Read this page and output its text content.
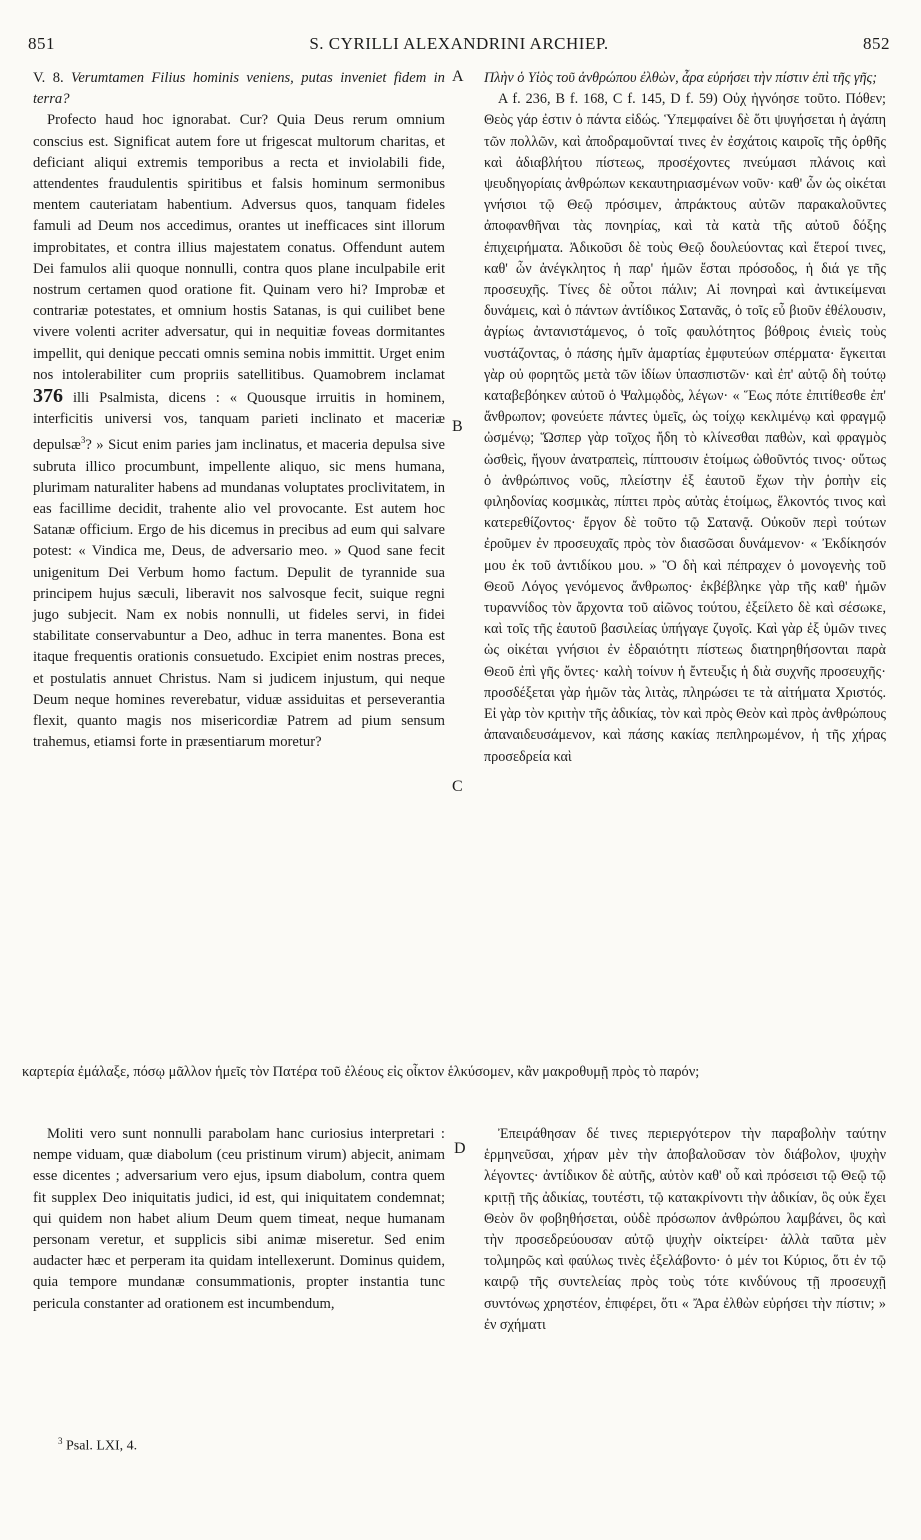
851	S. CYRILLI ALEXANDRINI ARCHIEP.	852
A
B
C
D

V. 8. Verumtamen Filius hominis veniens, putas inveniet fidem in terra?

Profecto haud hoc ignorabat. Cur? Quia Deus rerum omnium conscius est. Significat autem fore ut frigescat multorum charitas, et deficiant aliqui extremis temporibus a recta et inviolabili fide, attendentes fraudulentis spiritibus et falsis hominum sermonibus mentem cauteriatam habentium. Adversus quos, tanquam fideles famuli ad Deum nos accedimus, orantes ut inefficaces sint illorum improbitates, et contra illius majestatem conatus. Offendunt autem Dei famulos alii quoque nonnulli, contra quos plane inculpabile erit nostrum certamen quod oratione fit. Quinam vero hi? Improbæ et contrariæ potestates, et omnium hostis Satanas, is qui cuilibet bene vivere volenti acriter adversatur, qui in nequitiæ foveas dormitantes impellit, qui denique peccati omnis semina nobis immittit. Urget enim nos intolerabiliter cum propriis satellitibus. Quamobrem inclamat 376 illi Psalmista, dicens : « Quousque irruitis in hominem, interficitis universi vos, tanquam parieti inclinato et maceriæ depulsæ$^3$? » Sicut enim paries jam inclinatus, et maceria depulsa sive subruta illico procumbunt, impellente aliquo, sic mens humana, plurimam naturaliter habens ad mundanas voluptates proclivitatem, in eas facillime decidit, trahente alio vel provocante. Est autem hoc Satanæ officium. Ergo de his dicemus in precibus ad eum qui salvare potest: « Vindica me, Deus, de adversario meo. » Quod sane fecit unigenitum Dei Verbum homo factum. Depulit de tyrannide sua principem hujus sæculi, liberavit nos salvosque fecit, suique regni jugo subjecit. Nam ex nobis nonnulli, ut fideles servi, in fidei stabilitate conservabuntur a Deo, adhuc in terra manentes. Bona est itaque frequentis orationis consuetudo. Excipiet enim nostras preces, et postulatis annuet Christus. Nam si judicem injustum, qui neque Deum neque homines reverebatur, viduæ assiduitas et perseverantia flexit, quanto magis nos misericordiæ Patrem ad pium sensum trahemus, etiamsi forte in præsentiarum moretur?

Πλὴν ὁ Υἱὸς τοῦ ἀνθρώπου ἐλθὼν, ἆρα εὑρήσει τὴν πίστιν ἐπὶ τῆς γῆς;

A f. 236, B f. 168, C f. 145, D f. 59) Οὐχ ἠγνόησε τοῦτο. Πόθεν; Θεὸς γάρ ἐστιν ὁ πάντα εἰδώς. Ὑπεμφαίνει δὲ ὅτι ψυγήσεται ἡ ἀγάπη τῶν πολλῶν, καὶ ἀποδραμοῦνταί τινες ἐν ἐσχάτοις καιροῖς τῆς ὀρθῆς καὶ ἀδιαβλήτου πίστεως, προσέχοντες πνεύμασι πλάνοις καὶ ψευδηγορίαις ἀνθρώπων κεκαυτηριασμένων νοῦν· καθ' ὧν ὡς οἰκέται γνήσιοι τῷ Θεῷ πρόσιμεν, ἀπράκτους αὐτῶν παρακαλοῦντες ἀποφανθῆναι τὰς πονηρίας, καὶ τὰ κατὰ τῆς αὐτοῦ δόξης ἐπιχειρήματα. Ἀδικοῦσι δὲ τοὺς Θεῷ δουλεύοντας καὶ ἕτεροί τινες, καθ' ὧν ἀνέγκλητος ἡ παρ' ἡμῶν ἔσται πρόσοδος, ἡ διά γε τῆς προσευχῆς. Τίνες δὲ οὗτοι πάλιν; Αἱ πονηραὶ καὶ ἀντικείμεναι δυνάμεις, καὶ ὁ πάντων ἀντίδικος Σατανᾶς, ὁ τοῖς εὖ βιοῦν ἐθέλουσιν, ἀγρίως ἀντανιστάμενος, ὁ τοῖς φαυλότητος βόθροις ἐνιεὶς τοὺς νυστάζοντας, ὁ πάσης ἡμῖν ἁμαρτίας ἐμφυτεύων σπέρματα· ἔγκειται γὰρ οὐ φορητῶς μετὰ τῶν ἰδίων ὑπασπιστῶν· καὶ ἐπ' αὐτῷ δὴ τούτῳ καταβεβόηκεν αὐτοῦ ὁ Ψαλμῳδὸς, λέγων· « Ἕως πότε ἐπιτίθεσθε ἐπ' ἄνθρωπον; φονεύετε πάντες ὑμεῖς, ὡς τοίχῳ κεκλιμένῳ καὶ φραγμῷ ὠσμένῳ; Ὥσπερ γὰρ τοῖχος ἤδη τὸ κλίνεσθαι παθὼν, καὶ φραγμὸς ὠσθεὶς, ἤγουν ἀνατραπεὶς, πίπτουσιν ἑτοίμως ὠθοῦντός τινος· οὕτως ὁ ἀνθρώπινος νοῦς, πλείστην ἐξ ἑαυτοῦ ἔχων τὴν ῥοπὴν εἰς φιληδονίας κοσμικὰς, πίπτει πρὸς αὐτὰς ἑτοίμως, ἕλκοντός τινος καὶ κατερεθίζοντος· ἔργον δὲ τοῦτο τῷ Σατανᾷ. Οὐκοῦν περὶ τούτων ἐροῦμεν ἐν προσευχαῖς πρὸς τὸν διασῶσαι δυνάμενον· « Ἐκδίκησόν μου ἐκ τοῦ ἀντιδίκου μου. » Ὃ δὴ καὶ πέπραχεν ὁ μονογενὴς τοῦ Θεοῦ Λόγος γενόμενος ἄνθρωπος· ἐκβέβληκε γὰρ τῆς καθ' ἡμῶν τυραννίδος τὸν ἄρχοντα τοῦ αἰῶνος τούτου, ἐξείλετο δὲ καὶ σέσωκε, καὶ τοῖς τῆς ἑαυτοῦ βασιλείας ὑπήγαγε ζυγοῖς. Καὶ γὰρ ἐξ ὑμῶν τινες ὡς οἰκέται γνήσιοι ἐν ἑδραιότητι πίστεως διατηρηθήσονται παρὰ Θεοῦ ἐπὶ γῆς ὄντες· καλὴ τοίνυν ἡ ἔντευξις ἡ διὰ συχνῆς προσευχῆς· προσδέξεται γὰρ ἡμῶν τὰς λιτὰς, πληρώσει τε τὰ αἰτήματα Χριστός. Εἰ γὰρ τὸν κριτὴν τῆς ἀδικίας, τὸν καὶ πρὸς Θεὸν καὶ πρὸς ἀνθρώπους ἀπαναιδευσάμενον, καὶ πάσης κακίας πεπληρωμένον, ἡ τῆς χήρας προσεδρεία καὶ

καρτερία ἐμάλαξε, πόσῳ μᾶλλον ἡμεῖς τὸν Πατέρα τοῦ ἐλέους εἰς οἶκτον ἑλκύσομεν, κἂν μακροθυμῇ πρὸς τὸ παρόν;
Moliti vero sunt nonnulli parabolam hanc curiosius interpretari : nempe viduam, quæ diabolum (ceu pristinum virum) abjecit, animam esse dicentes ; adversarium vero ejus, ipsum diabolum, contra quem fit supplex Deo iniquitatis judici, id est, qui iniquitatem condemnat; qui quidem non habet alium Deum quem timeat, neque humanam personam veretur, et supplicis sibi animæ miseretur. Sed enim audacter hæc et perperam ita quidam intellexerunt. Dominus quidem, quia tempore mundanæ consummationis, propter instantia tunc pericula constanter ad orationem est incumbendum,
Ἐπειράθησαν δέ τινες περιεργότερον τὴν παραβολὴν ταύτην ἑρμηνεῦσαι, χήραν μὲν τὴν ἀποβαλοῦσαν τὸν διάβολον, ψυχὴν λέγοντες· ἀντίδικον δὲ αὐτῆς, αὐτὸν καθ' οὗ καὶ πρόσεισι τῷ Θεῷ τῷ κριτῇ τῆς ἀδικίας, τουτέστι, τῷ κατακρίνοντι τὴν ἀδικίαν, ὃς οὐκ ἔχει Θεὸν ὃν φοβηθήσεται, οὐδὲ πρόσωπον ἀνθρώπου λαμβάνει, ὃς καὶ τὴν προσεδρεύουσαν αὐτῷ ψυχὴν οἰκτείρει· ἀλλὰ ταῦτα μὲν τολμηρῶς καὶ φαύλως τινὲς ἐξελάβοντο· ὁ μέν τοι Κύριος, ὅτι ἐν τῷ καιρῷ τῆς συντελείας πρὸς τοὺς τότε κινδύνους τῇ προσευχῇ συντόνως χρηστέον, ἐπιφέρει, ὅτι « Ἄρα ἐλθὼν εὑρήσει τὴν πίστιν; » ἐν σχήματι
$^3$ Psal. LXI, 4.
